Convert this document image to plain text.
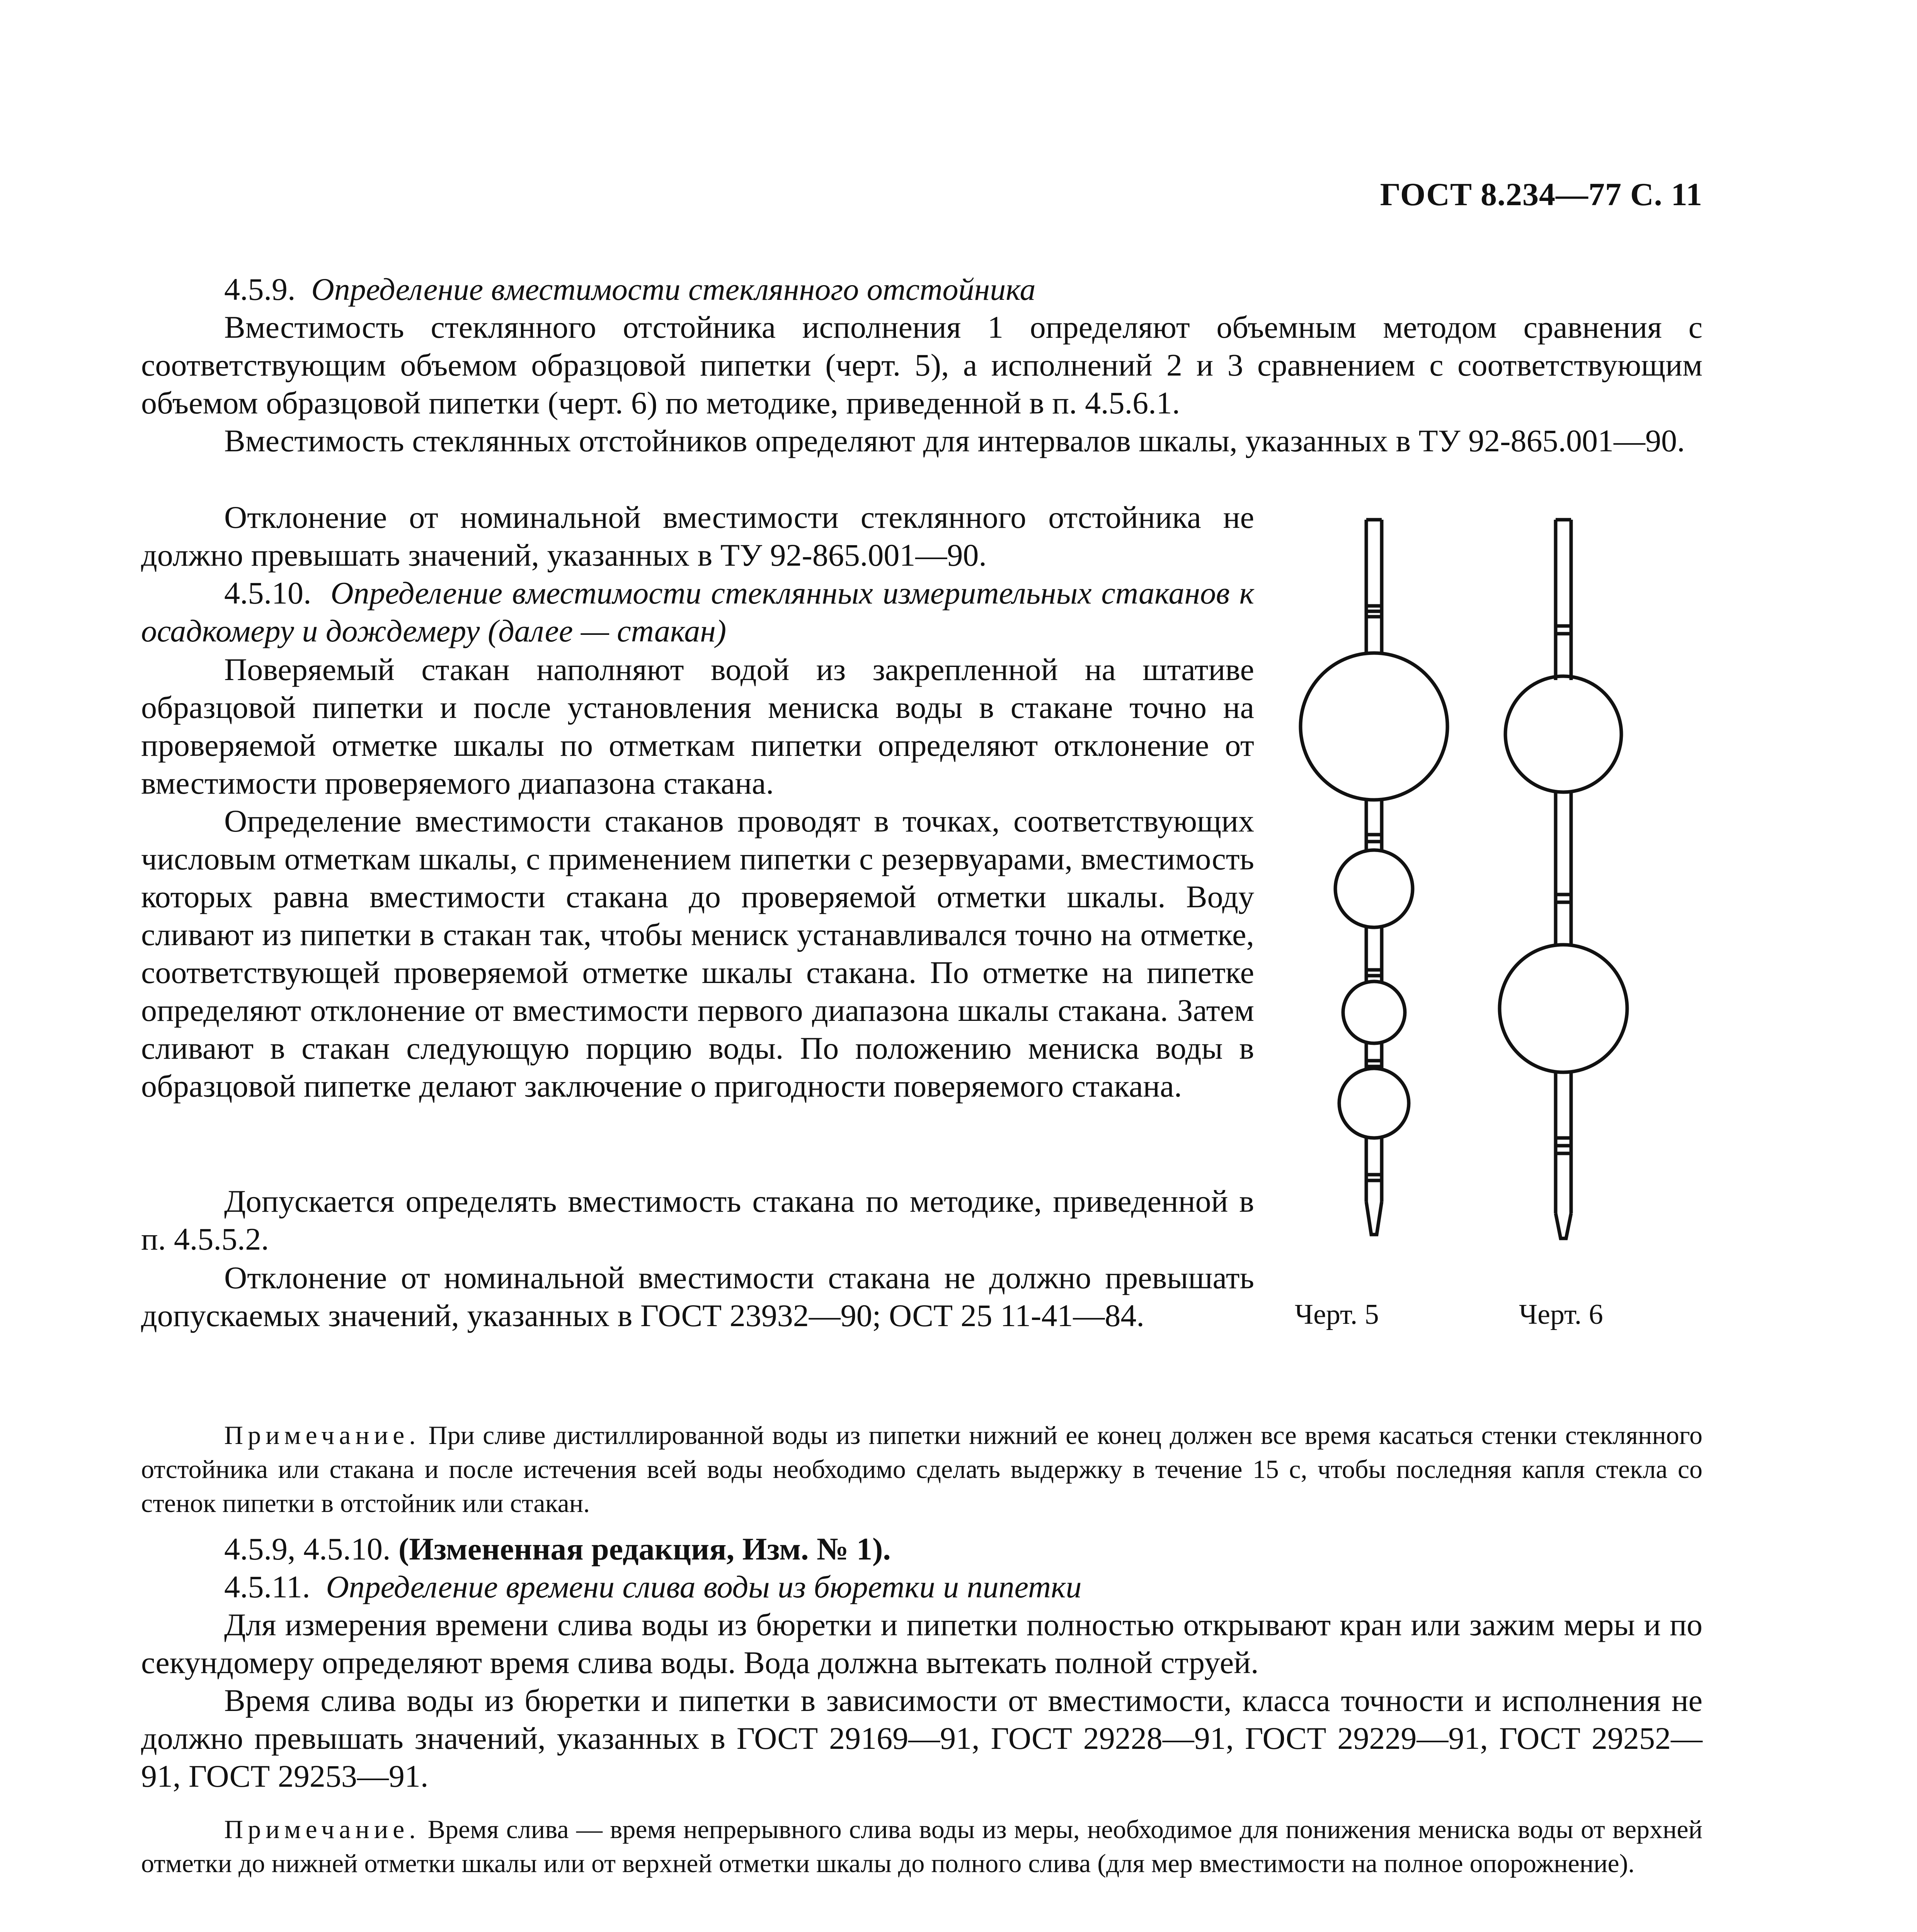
ГОСТ 8.234—77 С. 11

4.5.9. Определение вместимости стеклянного отстойника

Вместимость стеклянного отстойника исполнения 1 определяют объемным методом сравнения с соответствующим объемом образцовой пипетки (черт. 5), а исполнений 2 и 3 сравнением с соответствующим объемом образцовой пипетки (черт. 6) по методике, приведенной в п. 4.5.6.1.

Вместимость стеклянных отстойников определяют для интервалов шкалы, указанных в ТУ 92-865.001—90.

Отклонение от номинальной вместимости стеклянного отстойника не должно превышать значений, указанных в ТУ 92-865.001—90.

4.5.10. Определение вместимости стеклянных измерительных стаканов к осадкомеру и дождемеру (далее — стакан)

Поверяемый стакан наполняют водой из закрепленной на штативе образцовой пипетки и после установления мениска воды в стакане точно на проверяемой отметке шкалы по отметкам пипетки определяют отклонение от вместимости проверяемого диапазона стакана.

Определение вместимости стаканов проводят в точках, соответствующих числовым отметкам шкалы, с применением пипетки с резервуарами, вместимость которых равна вместимости стакана до проверяемой отметки шкалы. Воду сливают из пипетки в стакан так, чтобы мениск устанавливался точно на отметке, соответствующей проверяемой отметке шкалы стакана. По отметке на пипетке определяют отклонение от вместимости первого диапазона шкалы стакана. Затем сливают в стакан следующую порцию воды. По положению мениска воды в образцовой пипетке делают заключение о пригодности поверяемого стакана.

Допускается определять вместимость стакана по методике, приведенной в п. 4.5.5.2.

Отклонение от номинальной вместимости стакана не должно превышать допускаемых значений, указанных в ГОСТ 23932—90; ОСТ 25 11-41—84.	Черт. 5	Черт. 6

Примечание. При сливе дистиллированной воды из пипетки нижний ее конец должен все время касаться стенки стеклянного отстойника или стакана и после истечения всей воды необходимо сделать выдержку в течение 15 с, чтобы последняя капля стекла со стенок пипетки в отстойник или стакан.

4.5.9, 4.5.10. (Измененная редакция, Изм. № 1).

4.5.11. Определение времени слива воды из бюретки и пипетки

Для измерения времени слива воды из бюретки и пипетки полностью открывают кран или зажим меры и по секундомеру определяют время слива воды. Вода должна вытекать полной струей.

Время слива воды из бюретки и пипетки в зависимости от вместимости, класса точности и исполнения не должно превышать значений, указанных в ГОСТ 29169—91, ГОСТ 29228—91, ГОСТ 29229—91, ГОСТ 29252—91, ГОСТ 29253—91.

Примечание. Время слива — время непрерывного слива воды из меры, необходимое для понижения мениска воды от верхней отметки до нижней отметки шкалы или от верхней отметки шкалы до полного слива (для мер вместимости на полное опорожнение).
